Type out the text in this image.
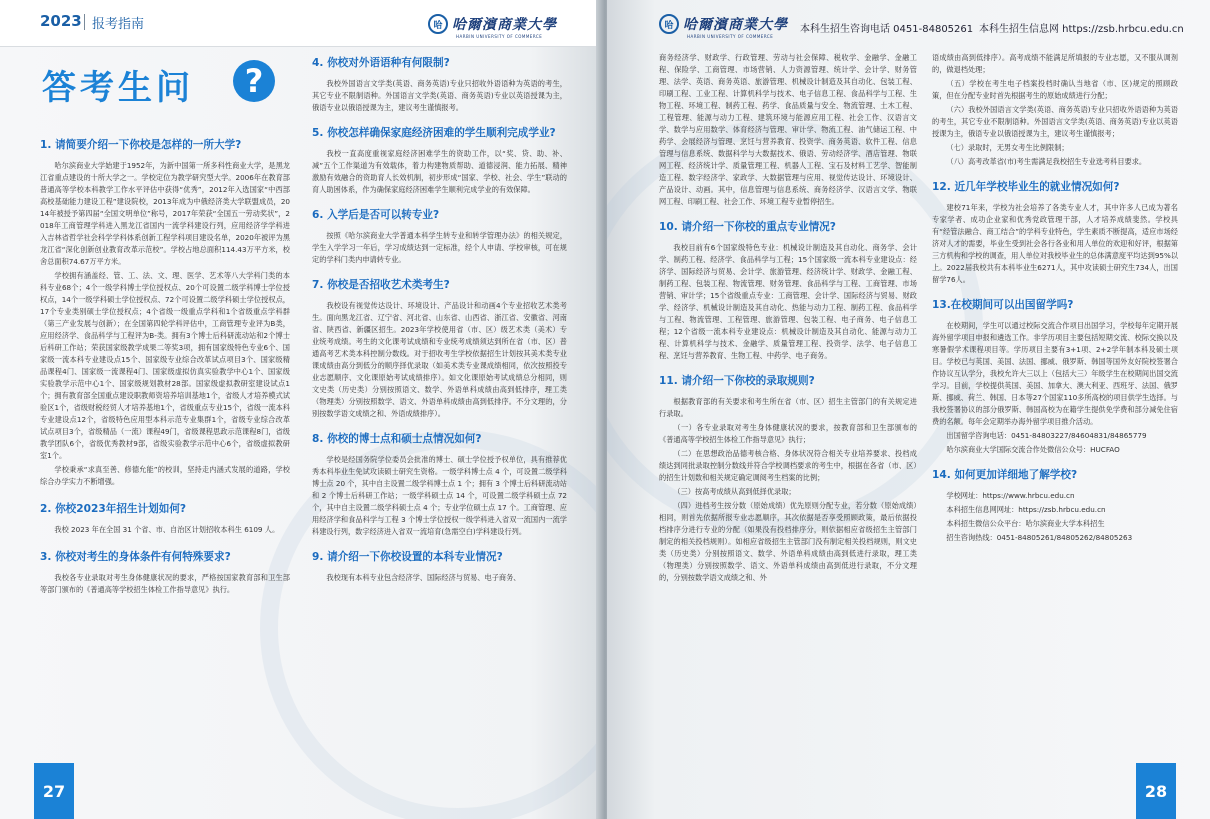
2023 报考指南	哈 哈爾濱商業大學
HARBIN UNIVERSITY OF COMMERCE
答考生问	?
1. 请简要介绍一下你校是怎样的一所大学?

哈尔滨商业大学始建于1952年，为新中国第一所多科性商业大学，是黑龙江省重点建设的十所大学之一。学校定位为教学研究型大学。2006年在教育部普通高等学校本科教学工作水平评估中获得“优秀”，2012年入选国家“中西部高校基础能力建设工程”建设院校，2013年成为中俄经济类大学联盟成员，2014年被授予第四届“全国文明单位”称号，2017年荣获“全国五一劳动奖状”，2018年工商管理学科进入黑龙江省国内一流学科建设行列，应用经济学学科进入吉林省哲学社会科学学科体系创新工程学科项目建设名单，2020年被评为黑龙江省“深化创新创业教育改革示范校”。学校占地总面积114.43万平方米，校舍总面积74.67万平方米。

学校拥有涵盖经、管、工、法、文、理、医学、艺术等八大学科门类的本科专业68个；4个一级学科博士学位授权点、20个可设置二级学科博士学位授权点，14个一级学科硕士学位授权点、72个可设置二级学科硕士学位授权点，17个专业类别硕士学位授权点；4个省级一级重点学科和1个省级重点学科群（第三产业发展与创新）；在全国第四轮学科评估中，工商管理专业评为B类，应用经济学、食品科学与工程评为B-类。拥有3个博士后科研流动站和2个博士后科研工作站；荣获国家级教学成果二等奖3项，拥有国家级特色专业6个、国家级一流本科专业建设点15个、国家级专业综合改革试点项目3个、国家级精品课程4门、国家级一流课程4门、国家级虚拟仿真实验教学中心1个、国家级实验教学示范中心1个、国家级规划教材28部。国家级虚拟教研室建设试点1个；拥有教育部全国重点建设职教师资培养培训基地1个，省级人才培养模式试验区1个，省级财税经贸人才培养基地1个，省级重点专业15个，省级一流本科专业建设点12个，省级特色应用型本科示范专业集群1个，省级专业综合改革试点项目3个，省级精品（一流）课程49门，省级课程思政示范课程8门，省级教学团队6个，省级优秀教材9部，省级实验教学示范中心6个，省级虚拟教研室1个。

学校秉承“求真至善、修德允能”的校训，坚持走内涵式发展的道路，学校综合办学实力不断增强。

2. 你校2023年招生计划如何?

我校 2023 年在全国 31 个省、市、自治区计划招收本科生 6109 人。

3. 你校对考生的身体条件有何特殊要求?

我校各专业录取对考生身体健康状况的要求，严格按国家教育部和卫生部等部门颁布的《普通高等学校招生体检工作指导意见》执行。

4. 你校对外语语种有何限制?

我校外国语言文学类(英语、商务英语)专业只招收外语语种为英语的考生，其它专业不限制语种。外国语言文学类(英语、商务英语)专业以英语授课为主，俄语专业以俄语授课为主，建议考生谨慎报考。

5. 你校怎样确保家庭经济困难的学生顺利完成学业?

我校一直高度重视家庭经济困难学生的资助工作，以“奖、贷、助、补、减”五个工作渠道为有效载体，着力构建物质帮助、道德浸润、能力拓展、精神激励有效融合的资助育人长效机制，初步形成“国家、学校、社会、学生”联动的育人助困体系，作为确保家庭经济困难学生顺利完成学业的有效保障。

6. 入学后是否可以转专业?

按照《哈尔滨商业大学普通本科学生转专业和转学管理办法》的相关规定，学生入学学习一年后，学习成绩达到一定标准，经个人申请、学校审核，可在规定的学科门类内申请转专业。

7. 你校是否招收艺术类考生?

我校设有视觉传达设计、环境设计、产品设计和动画4个专业招收艺术类考生。面向黑龙江省、辽宁省、河北省、山东省、山西省、浙江省、安徽省、河南省、陕西省、新疆区招生。2023年学校使用省（市、区）级艺术类（美术）专业统考成绩。考生的文化课考试成绩和专业统考成绩须达到所在省（市、区）普通高考艺术类本科控制分数线。对于招收考生学校依据招生计划按其美术类专业课成绩由高分到低分的顺序择优录取（如美术类专业课成绩相同，依次按照投专业志愿顺序、文化课原始考试成绩排序）。如文化课原始考试成绩总分相同，则文史类（历史类）分别按照语文、数学、外语单科成绩由高到低排序，理工类（物理类）分别按照数学、语文、外语单科成绩由高到低排序。不分文理的，分别按数学语文成绩之和、外语成绩排序）。

8. 你校的博士点和硕士点情况如何?

学校是经国务院学位委员会批准的博士、硕士学位授予权单位，具有推荐优秀本科毕业生免试攻读硕士研究生资格。一级学科博士点 4 个，可设置二级学科博士点 20 个，其中自主设置二级学科博士点 1 个；拥有 3 个博士后科研流动站和 2 个博士后科研工作站；一级学科硕士点 14 个，可设置二级学科硕士点 72 个，其中自主设置二级学科硕士点 4 个；专业学位硕士点 17 个。工商管理、应用经济学和食品科学与工程 3 个博士学位授权一级学科进入省双一流国内一流学科建设行列，数字经济进入省双一流培育(急需空白)学科建设行列。

9. 请介绍一下你校设置的本科专业情况?

我校现有本科专业包含经济学、国际经济与贸易、电子商务、

27
哈 哈爾濱商業大學
HARBIN UNIVERSITY OF COMMERCE
本科生招生咨询电话 0451-84805261 本科生招生信息网 https://zsb.hrbcu.edu.cn

商务经济学、财政学、行政管理、劳动与社会保障、税收学、金融学、金融工程、保险学、工商管理、市场营销、人力资源管理、统计学、会计学、财务管理、法学、英语、商务英语、旅游管理、机械设计制造及其自动化、包装工程、印刷工程、工业工程、计算机科学与技术、电子信息工程、食品科学与工程、生物工程、环境工程、制药工程、药学、食品质量与安全、物流管理、土木工程、工程管理、能源与动力工程、建筑环境与能源应用工程、社会工作、汉语言文学、数学与应用数学、体育经济与管理、审计学、物流工程、油气储运工程、中药学、会展经济与管理、烹饪与营养教育、投资学、商务英语、软件工程、信息管理与信息系统、数据科学与大数据技术、俄语、劳动经济学、酒店管理、物联网工程、经济统计学、质量管理工程、机器人工程、宝石及材料工艺学、智能制造工程、数字经济学、家政学、大数据管理与应用、视觉传达设计、环境设计、产品设计、动画。其中，信息管理与信息系统、商务经济学、汉语言文学、物联网工程、印刷工程、社会工作、环境工程专业暂停招生。

10. 请介绍一下你校的重点专业情况?

我校目前有6个国家级特色专业：机械设计制造及其自动化、商务学、会计学、制药工程、经济学、食品科学与工程；15个国家级一流本科专业建设点：经济学、国际经济与贸易、会计学、旅游管理、经济统计学、财政学、金融工程、制药工程、包装工程、物流管理、财务管理、食品科学与工程、工商管理、市场营销、审计学；15个省级重点专业：工商管理、会计学、国际经济与贸易、财政学、经济学、机械设计制造及其自动化、热能与动力工程、制药工程、食品科学与工程、物流管理、工程管理、旅游管理、包装工程、电子商务、电子信息工程；12个省级一流本科专业建设点：机械设计制造及其自动化、能源与动力工程、计算机科学与技术、金融学、质量管理工程、投资学、法学、电子信息工程、烹饪与营养教育、生物工程、中药学、电子商务。

11. 请介绍一下你校的录取规则?

根据教育部的有关要求和考生所在省（市、区）招生主管部门的有关规定进行录取。

（一）各专业录取对考生身体健康状况的要求，按教育部和卫生部颁布的《普通高等学校招生体检工作指导意见》执行；

（二）在思想政治品德考核合格、身体状况符合相关专业培养要求、投档成绩达到同批录取控制分数线并符合学校调档要求的考生中，根据在各省（市、区）的招生计划数和相关规定确定调阅考生档案的比例；

（三）按高考成绩从高到低择优录取；

（四）进档考生按分数（原始成绩）优先原则分配专业，若分数（原始成绩）相同，则首先依据所报专业志愿顺序，其次依据是否享受照顾政策，最后依据投档排序分进行专业的分配（如果没有投档排序分，则依据相应省级招生主管部门制定的相关投档规则）。如相应省级招生主管部门没有制定相关投档规则，则文史类（历史类）分别按照语文、数学、外语单科成绩由高到低进行录取，理工类（物理类）分别按照数学、语文、外语单科成绩由高到低进行录取，不分文理的，分别按数学语文成绩之和、外

语成绩由高到低排序）。高考成绩不能满足所填报的专业志愿，又不服从调剂的，做退档处理；

（五）学校在考生电子档案投档时确认当地省（市、区)规定的照顾政策，但在分配专业时首先根据考生的原始成绩进行分配；

（六）我校外国语言文学类(英语、商务英语)专业只招收外语语种为英语的考生，其它专业不限制语种。外国语言文学类(英语、商务英语)专业以英语授课为主，俄语专业以俄语授课为主，建议考生谨慎报考；

（七）录取时，无男女考生比例限制；

（八）高考改革省(市)考生需满足我校招生专业选考科目要求。

12. 近几年学校毕业生的就业情况如何?

建校71年来，学校为社会培养了各类专业人才，其中许多人已成为著名专家学者、成功企业家和优秀党政管理干部，人才培养成绩斐然。学校具有“经管法融合、商工结合”的学科专业特色，学生素质不断提高，适应市场经济对人才的需要，毕业生受到社会各行各业和用人单位的欢迎和好评，根据第三方机构和学校的调查，用人单位对我校毕业生的总体满意度平均达到95%以上。2022届我校共有本科毕业生6271人，其中攻读硕士研究生734人，出国留学76人。

13.在校期间可以出国留学吗?

在校期间，学生可以通过校际交流合作项目出国学习，学校每年定期开展海外留学项目申报和遴选工作。非学历项目主要包括短期交流、校际交换以及寒暑假学术课程项目等。学历项目主要有3+1项、2+2学年制本科及硕士项目。学校已与英国、美国、法国、挪威、俄罗斯、韩国等国外友好院校签署合作协议互认学分，我校允许大三以上（包括大三）年级学生在校期间出国交流学习。目前，学校提供英国、美国、加拿大、澳大利亚、西班牙、法国、俄罗斯、挪威、荷兰、韩国、日本等27个国家110多所高校的项目供学生选择。与我校签署协议的部分俄罗斯、韩国高校为在籍学生提供免学费和部分减免住宿费的名额。每年会定期举办海外留学项目推介活动。

出国留学咨询电话：0451-84803227/84604831/84865779

哈尔滨商业大学国际交流合作处微信公众号：HUCFAO

14. 如何更加详细地了解学校?

学校网址：https://www.hrbcu.edu.cn

本科招生信息网网址：https://zsb.hrbcu.edu.cn

本科招生微信公众平台：哈尔滨商业大学本科招生

招生咨询热线：0451-84805261/84805262/84805263

28
